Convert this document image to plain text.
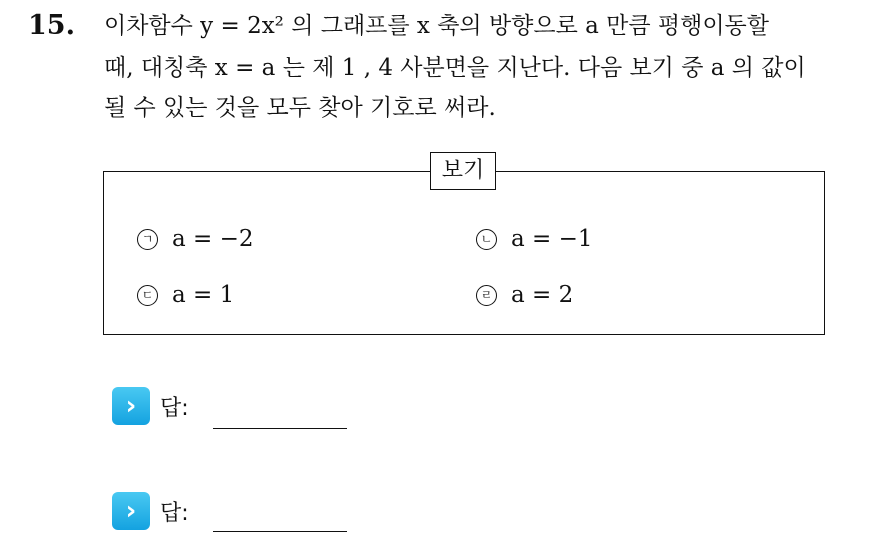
15. 이차함수 y = 2x² 의 그래프를 x 축의 방향으로 a 만큼 평행이동할
때, 대칭축 x = a 는 제 1 , 4 사분면을 지난다. 다음 보기 중 a 의 값이
될 수 있는 것을 모두 찾아 기호로 써라.
보기
ㄱ a = −2	ㄴ a = −1
ㄷ a = 1	ㄹ a = 2
›	답:
›	답:
